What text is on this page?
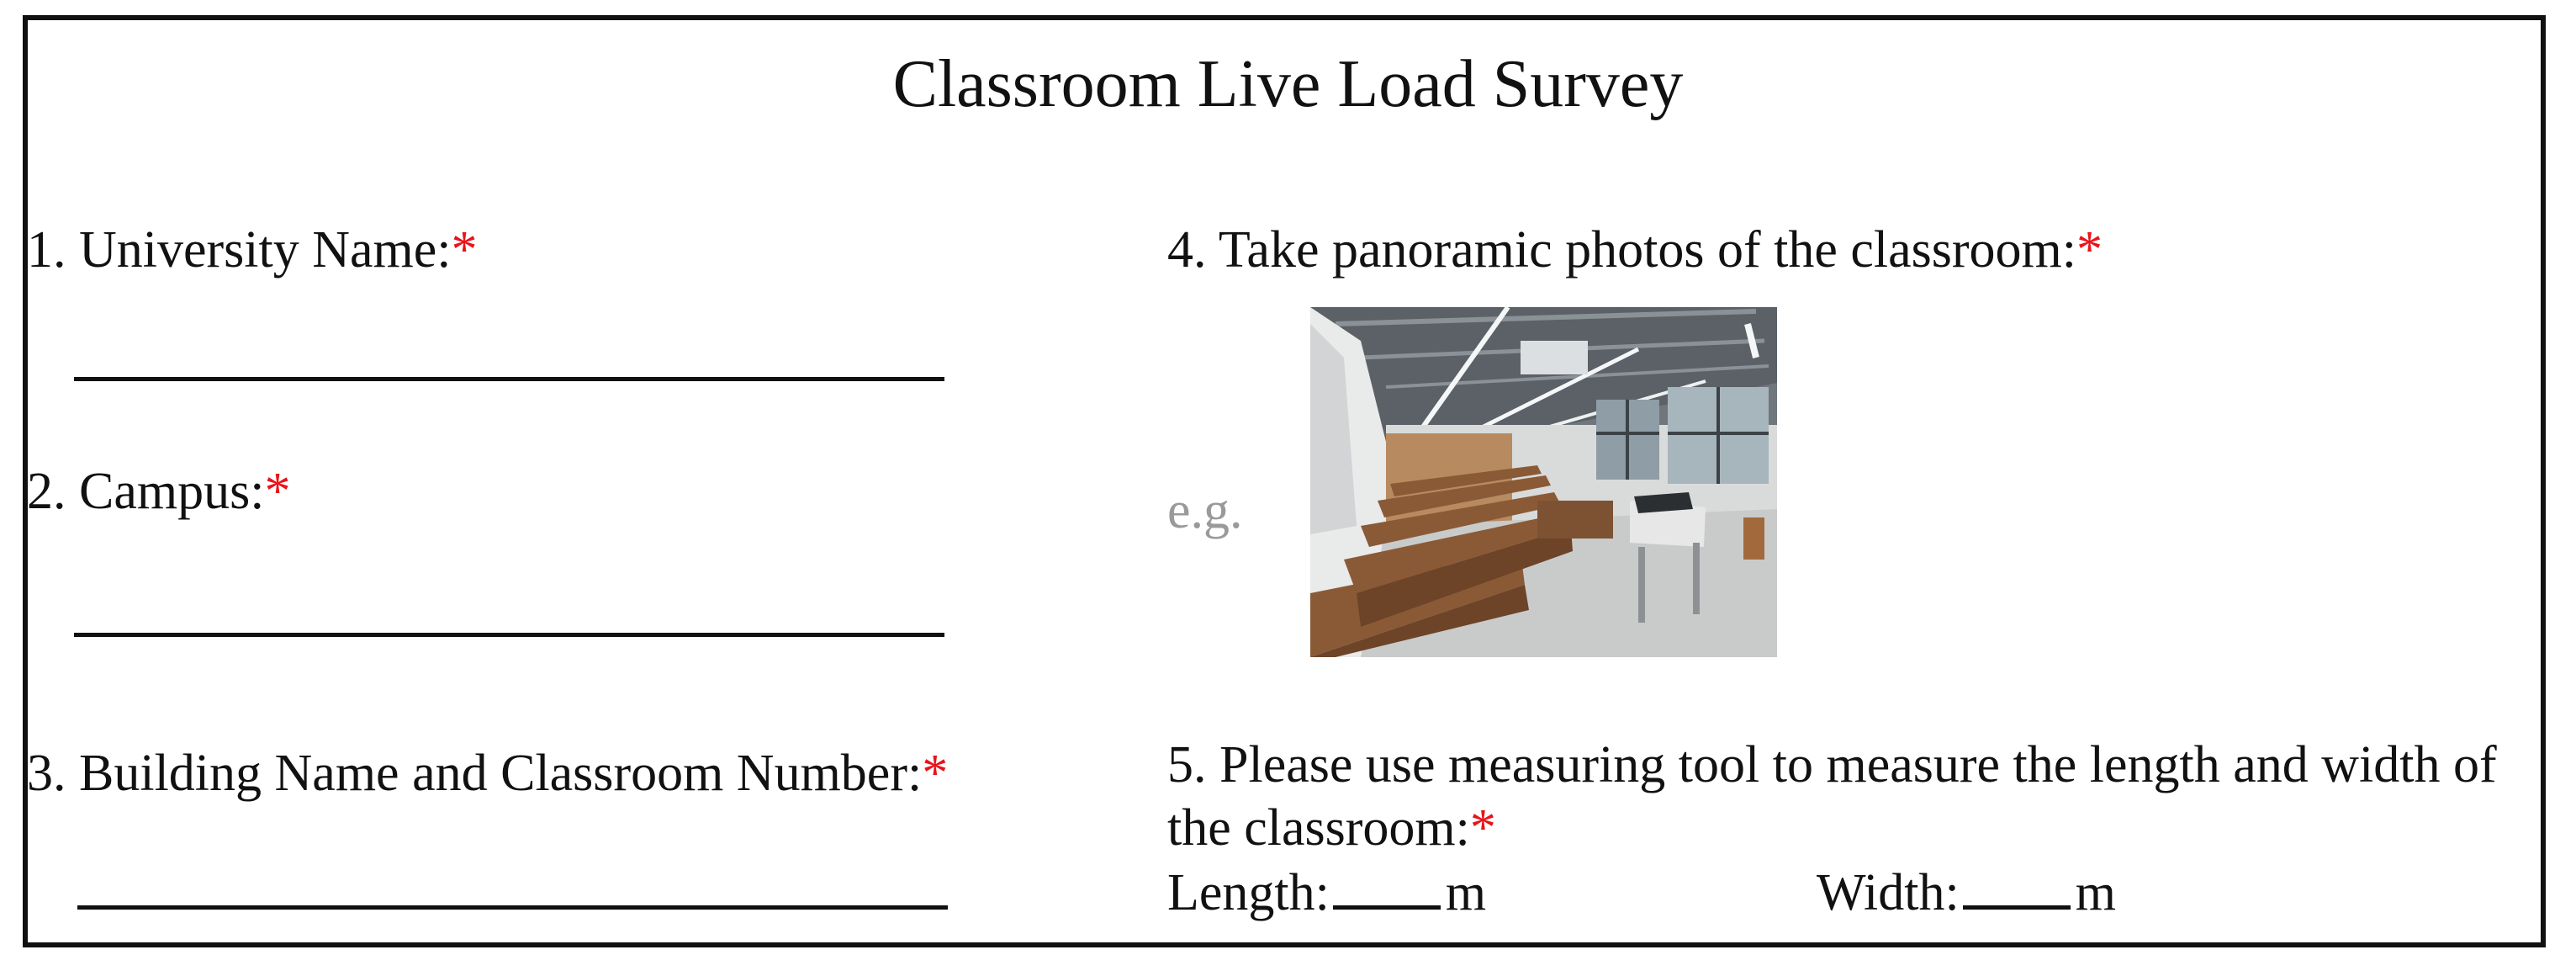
Classroom Live Load Survey
1. University Name:*
2. Campus:*
3. Building Name and Classroom Number:*
4. Take panoramic photos of the classroom:*
e.g.
5. Please use measuring tool to measure the length and width of
the classroom:*
Length: m	Width: m
